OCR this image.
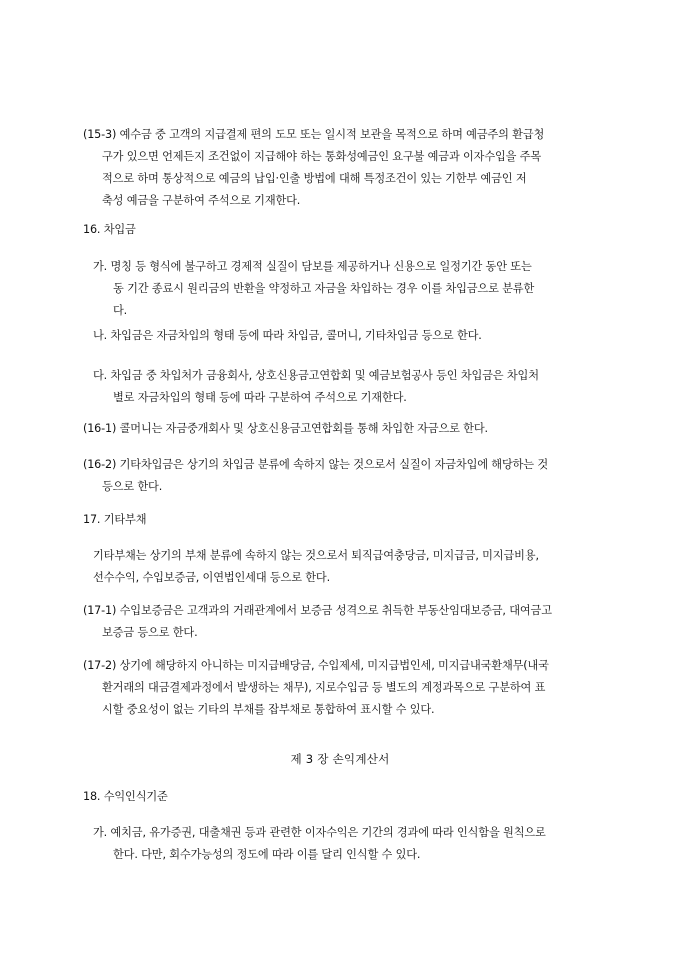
(15-3) 예수금 중 고객의 지급결제 편의 도모 또는 일시적 보관을 목적으로 하며 예금주의 환급청
구가 있으면 언제든지 조건없이 지급해야 하는 통화성예금인 요구불 예금과 이자수입을 주목
적으로 하며 통상적으로 예금의 납입·인출 방법에 대해 특정조건이 있는 기한부 예금인 저
축성 예금을 구분하여 주석으로 기재한다.
16. 차입금
가. 명칭 등 형식에 불구하고 경제적 실질이 담보를 제공하거나 신용으로 일정기간 동안 또는
동 기간 종료시 원리금의 반환을 약정하고 자금을 차입하는 경우 이를 차입금으로 분류한
다.
나. 차입금은 자금차입의 형태 등에 따라 차입금, 콜머니, 기타차입금 등으로 한다.
다. 차입금 중 차입처가 금융회사, 상호신용금고연합회 및 예금보험공사 등인 차입금은 차입처
별로 자금차입의 형태 등에 따라 구분하여 주석으로 기재한다.
(16-1) 콜머니는 자금중개회사 및 상호신용금고연합회를 통해 차입한 자금으로 한다.
(16-2) 기타차입금은 상기의 차입금 분류에 속하지 않는 것으로서 실질이 자금차입에 해당하는 것
등으로 한다.
17. 기타부채
기타부채는 상기의 부채 분류에 속하지 않는 것으로서 퇴직급여충당금, 미지급금, 미지급비용,
선수수익, 수입보증금, 이연법인세대 등으로 한다.
(17-1) 수입보증금은 고객과의 거래관계에서 보증금 성격으로 취득한 부동산임대보증금, 대여금고
보증금 등으로 한다.
(17-2) 상기에 해당하지 아니하는 미지급배당금, 수입제세, 미지급법인세, 미지급내국환채무(내국
환거래의 대금결제과정에서 발생하는 채무), 지로수입금 등 별도의 계정과목으로 구분하여 표
시할 중요성이 없는 기타의 부채를 잡부채로 통합하여 표시할 수 있다.
제 3 장 손익계산서
18. 수익인식기준
가. 예치금, 유가증권, 대출채권 등과 관련한 이자수익은 기간의 경과에 따라 인식함을 원칙으로
한다. 다만, 회수가능성의 정도에 따라 이를 달리 인식할 수 있다.
